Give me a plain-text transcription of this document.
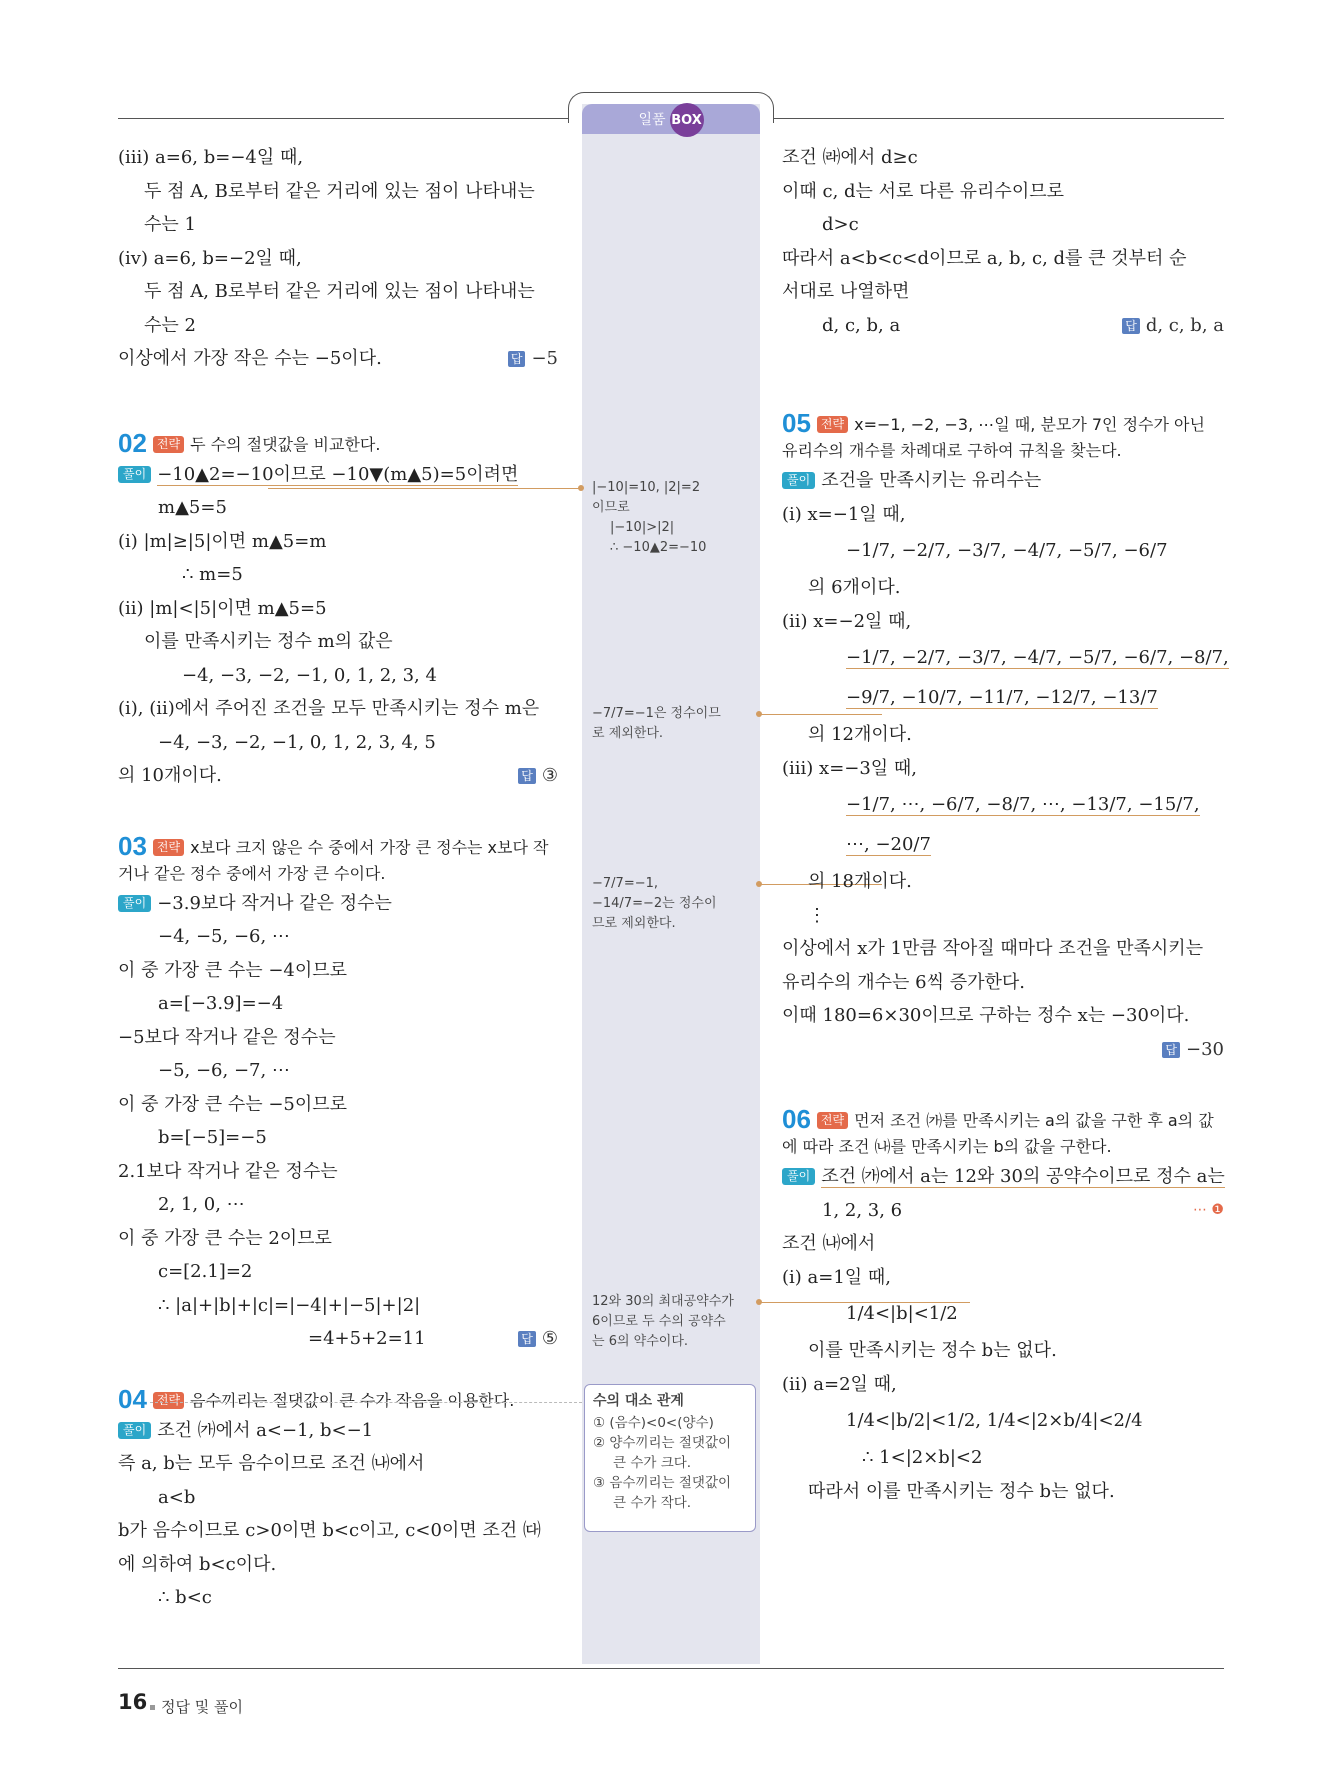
일품 BOX
(ⅲ) a=6, b=−4일 때,
두 점 A, B로부터 같은 거리에 있는 점이 나타내는
수는 1
(ⅳ) a=6, b=−2일 때,
두 점 A, B로부터 같은 거리에 있는 점이 나타내는
수는 2
이상에서 가장 작은 수는 −5이다.	답 −5
02 전략 두 수의 절댓값을 비교한다.
풀이 −10▲2=−10이므로 −10▼(m▲5)=5이려면
m▲5=5
(ⅰ) |m|≥|5|이면 m▲5=m
∴ m=5
(ⅱ) |m|<|5|이면 m▲5=5
이를 만족시키는 정수 m의 값은
−4, −3, −2, −1, 0, 1, 2, 3, 4
(ⅰ), (ⅱ)에서 주어진 조건을 모두 만족시키는 정수 m은
−4, −3, −2, −1, 0, 1, 2, 3, 4, 5
의 10개이다.	답 ③
03 전략 x보다 크지 않은 수 중에서 가장 큰 정수는 x보다 작거나 같은 정수 중에서 가장 큰 수이다.
풀이 −3.9보다 작거나 같은 정수는
−4, −5, −6, ⋯
이 중 가장 큰 수는 −4이므로
a=[−3.9]=−4
−5보다 작거나 같은 정수는
−5, −6, −7, ⋯
이 중 가장 큰 수는 −5이므로
b=[−5]=−5
2.1보다 작거나 같은 정수는
2, 1, 0, ⋯
이 중 가장 큰 수는 2이므로
c=[2.1]=2
∴ |a|+|b|+|c|=|−4|+|−5|+|2|
=4+5+2=11	답 ⑤
04 전략 음수끼리는 절댓값이 큰 수가 작음을 이용한다.
풀이 조건 ㈎에서 a<−1, b<−1
즉 a, b는 모두 음수이므로 조건 ㈏에서
a<b
b가 음수이므로 c>0이면 b<c이고, c<0이면 조건 ㈐
에 의하여 b<c이다.
∴ b<c
|−10|=10, |2|=2
이므로
|−10|>|2|
∴ −10▲2=−10
−7/7=−1은 정수이므
로 제외한다.
−7/7=−1,
−14/7=−2는 정수이
므로 제외한다.
12와 30의 최대공약수가
6이므로 두 수의 공약수
는 6의 약수이다.
수의 대소 관계
① (음수)<0<(양수)
② 양수끼리는 절댓값이
큰 수가 크다.
③ 음수끼리는 절댓값이
큰 수가 작다.
조건 ㈑에서 d≥c
이때 c, d는 서로 다른 유리수이므로
d>c
따라서 a<b<c<d이므로 a, b, c, d를 큰 것부터 순
서대로 나열하면
d, c, b, a	답 d, c, b, a
05 전략 x=−1, −2, −3, ⋯일 때, 분모가 7인 정수가 아닌 유리수의 개수를 차례대로 구하여 규칙을 찾는다.
풀이 조건을 만족시키는 유리수는
(ⅰ) x=−1일 때,
−1/7, −2/7, −3/7, −4/7, −5/7, −6/7
의 6개이다.
(ⅱ) x=−2일 때,
−1/7, −2/7, −3/7, −4/7, −5/7, −6/7, −8/7,
−9/7, −10/7, −11/7, −12/7, −13/7
의 12개이다.
(ⅲ) x=−3일 때,
−1/7, ⋯, −6/7, −8/7, ⋯, −13/7, −15/7,
⋯, −20/7
의 18개이다.
⋮
이상에서 x가 1만큼 작아질 때마다 조건을 만족시키는
유리수의 개수는 6씩 증가한다.
이때 180=6×30이므로 구하는 정수 x는 −30이다.
답 −30
06 전략 먼저 조건 ㈎를 만족시키는 a의 값을 구한 후 a의 값에 따라 조건 ㈏를 만족시키는 b의 값을 구한다.
풀이 조건 ㈎에서 a는 12와 30의 공약수이므로 정수 a는
1, 2, 3, 6	⋯ ❶
조건 ㈏에서
(ⅰ) a=1일 때,
1/4<|b|<1/2
이를 만족시키는 정수 b는 없다.
(ⅱ) a=2일 때,
1/4<|b/2|<1/2, 1/4<|2×b/4|<2/4
∴ 1<|2×b|<2
따라서 이를 만족시키는 정수 b는 없다.
16 정답 및 풀이
